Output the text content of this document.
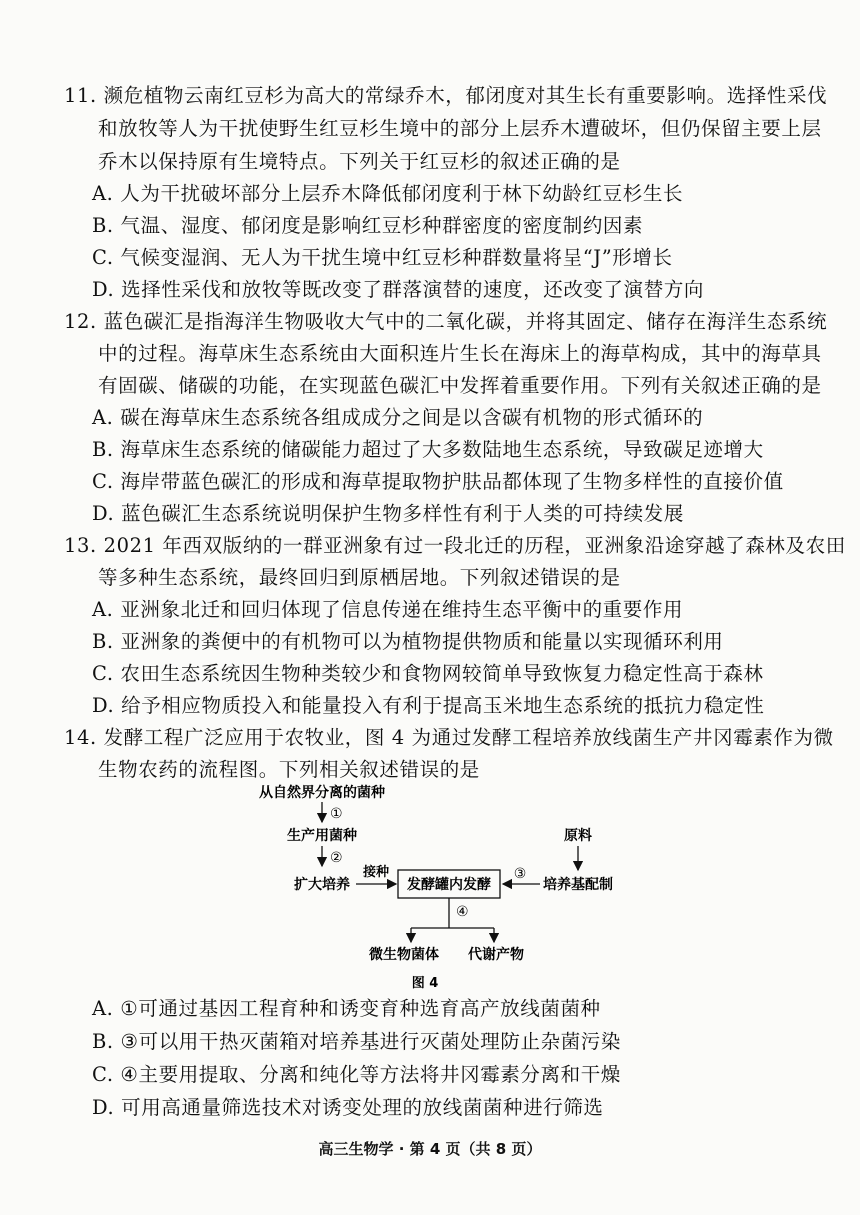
11. 濒危植物云南红豆杉为高大的常绿乔木，郁闭度对其生长有重要影响。选择性采伐
和放牧等人为干扰使野生红豆杉生境中的部分上层乔木遭破坏，但仍保留主要上层
乔木以保持原有生境特点。下列关于红豆杉的叙述正确的是
A. 人为干扰破坏部分上层乔木降低郁闭度利于林下幼龄红豆杉生长
B. 气温、湿度、郁闭度是影响红豆杉种群密度的密度制约因素
C. 气候变湿润、无人为干扰生境中红豆杉种群数量将呈“J”形增长
D. 选择性采伐和放牧等既改变了群落演替的速度，还改变了演替方向
12. 蓝色碳汇是指海洋生物吸收大气中的二氧化碳，并将其固定、储存在海洋生态系统
中的过程。海草床生态系统由大面积连片生长在海床上的海草构成，其中的海草具
有固碳、储碳的功能，在实现蓝色碳汇中发挥着重要作用。下列有关叙述正确的是
A. 碳在海草床生态系统各组成成分之间是以含碳有机物的形式循环的
B. 海草床生态系统的储碳能力超过了大多数陆地生态系统，导致碳足迹增大
C. 海岸带蓝色碳汇的形成和海草提取物护肤品都体现了生物多样性的直接价值
D. 蓝色碳汇生态系统说明保护生物多样性有利于人类的可持续发展
13. 2021 年西双版纳的一群亚洲象有过一段北迁的历程，亚洲象沿途穿越了森林及农田
等多种生态系统，最终回归到原栖居地。下列叙述错误的是
A. 亚洲象北迁和回归体现了信息传递在维持生态平衡中的重要作用
B. 亚洲象的粪便中的有机物可以为植物提供物质和能量以实现循环利用
C. 农田生态系统因生物种类较少和食物网较简单导致恢复力稳定性高于森林
D. 给予相应物质投入和能量投入有利于提高玉米地生态系统的抵抗力稳定性
14. 发酵工程广泛应用于农牧业，图 4 为通过发酵工程培养放线菌生产井冈霉素作为微
生物农药的流程图。下列相关叙述错误的是
从自然界分离的菌种
①
生产用菌种
②
扩大培养
接种
发酵罐内发酵
③
原料
培养基配制
④
微生物菌体 代谢产物
图 4
A. ①可通过基因工程育种和诱变育种选育高产放线菌菌种
B. ③可以用干热灭菌箱对培养基进行灭菌处理防止杂菌污染
C. ④主要用提取、分离和纯化等方法将井冈霉素分离和干燥
D. 可用高通量筛选技术对诱变处理的放线菌菌种进行筛选
高三生物学 · 第 4 页（共 8 页）
